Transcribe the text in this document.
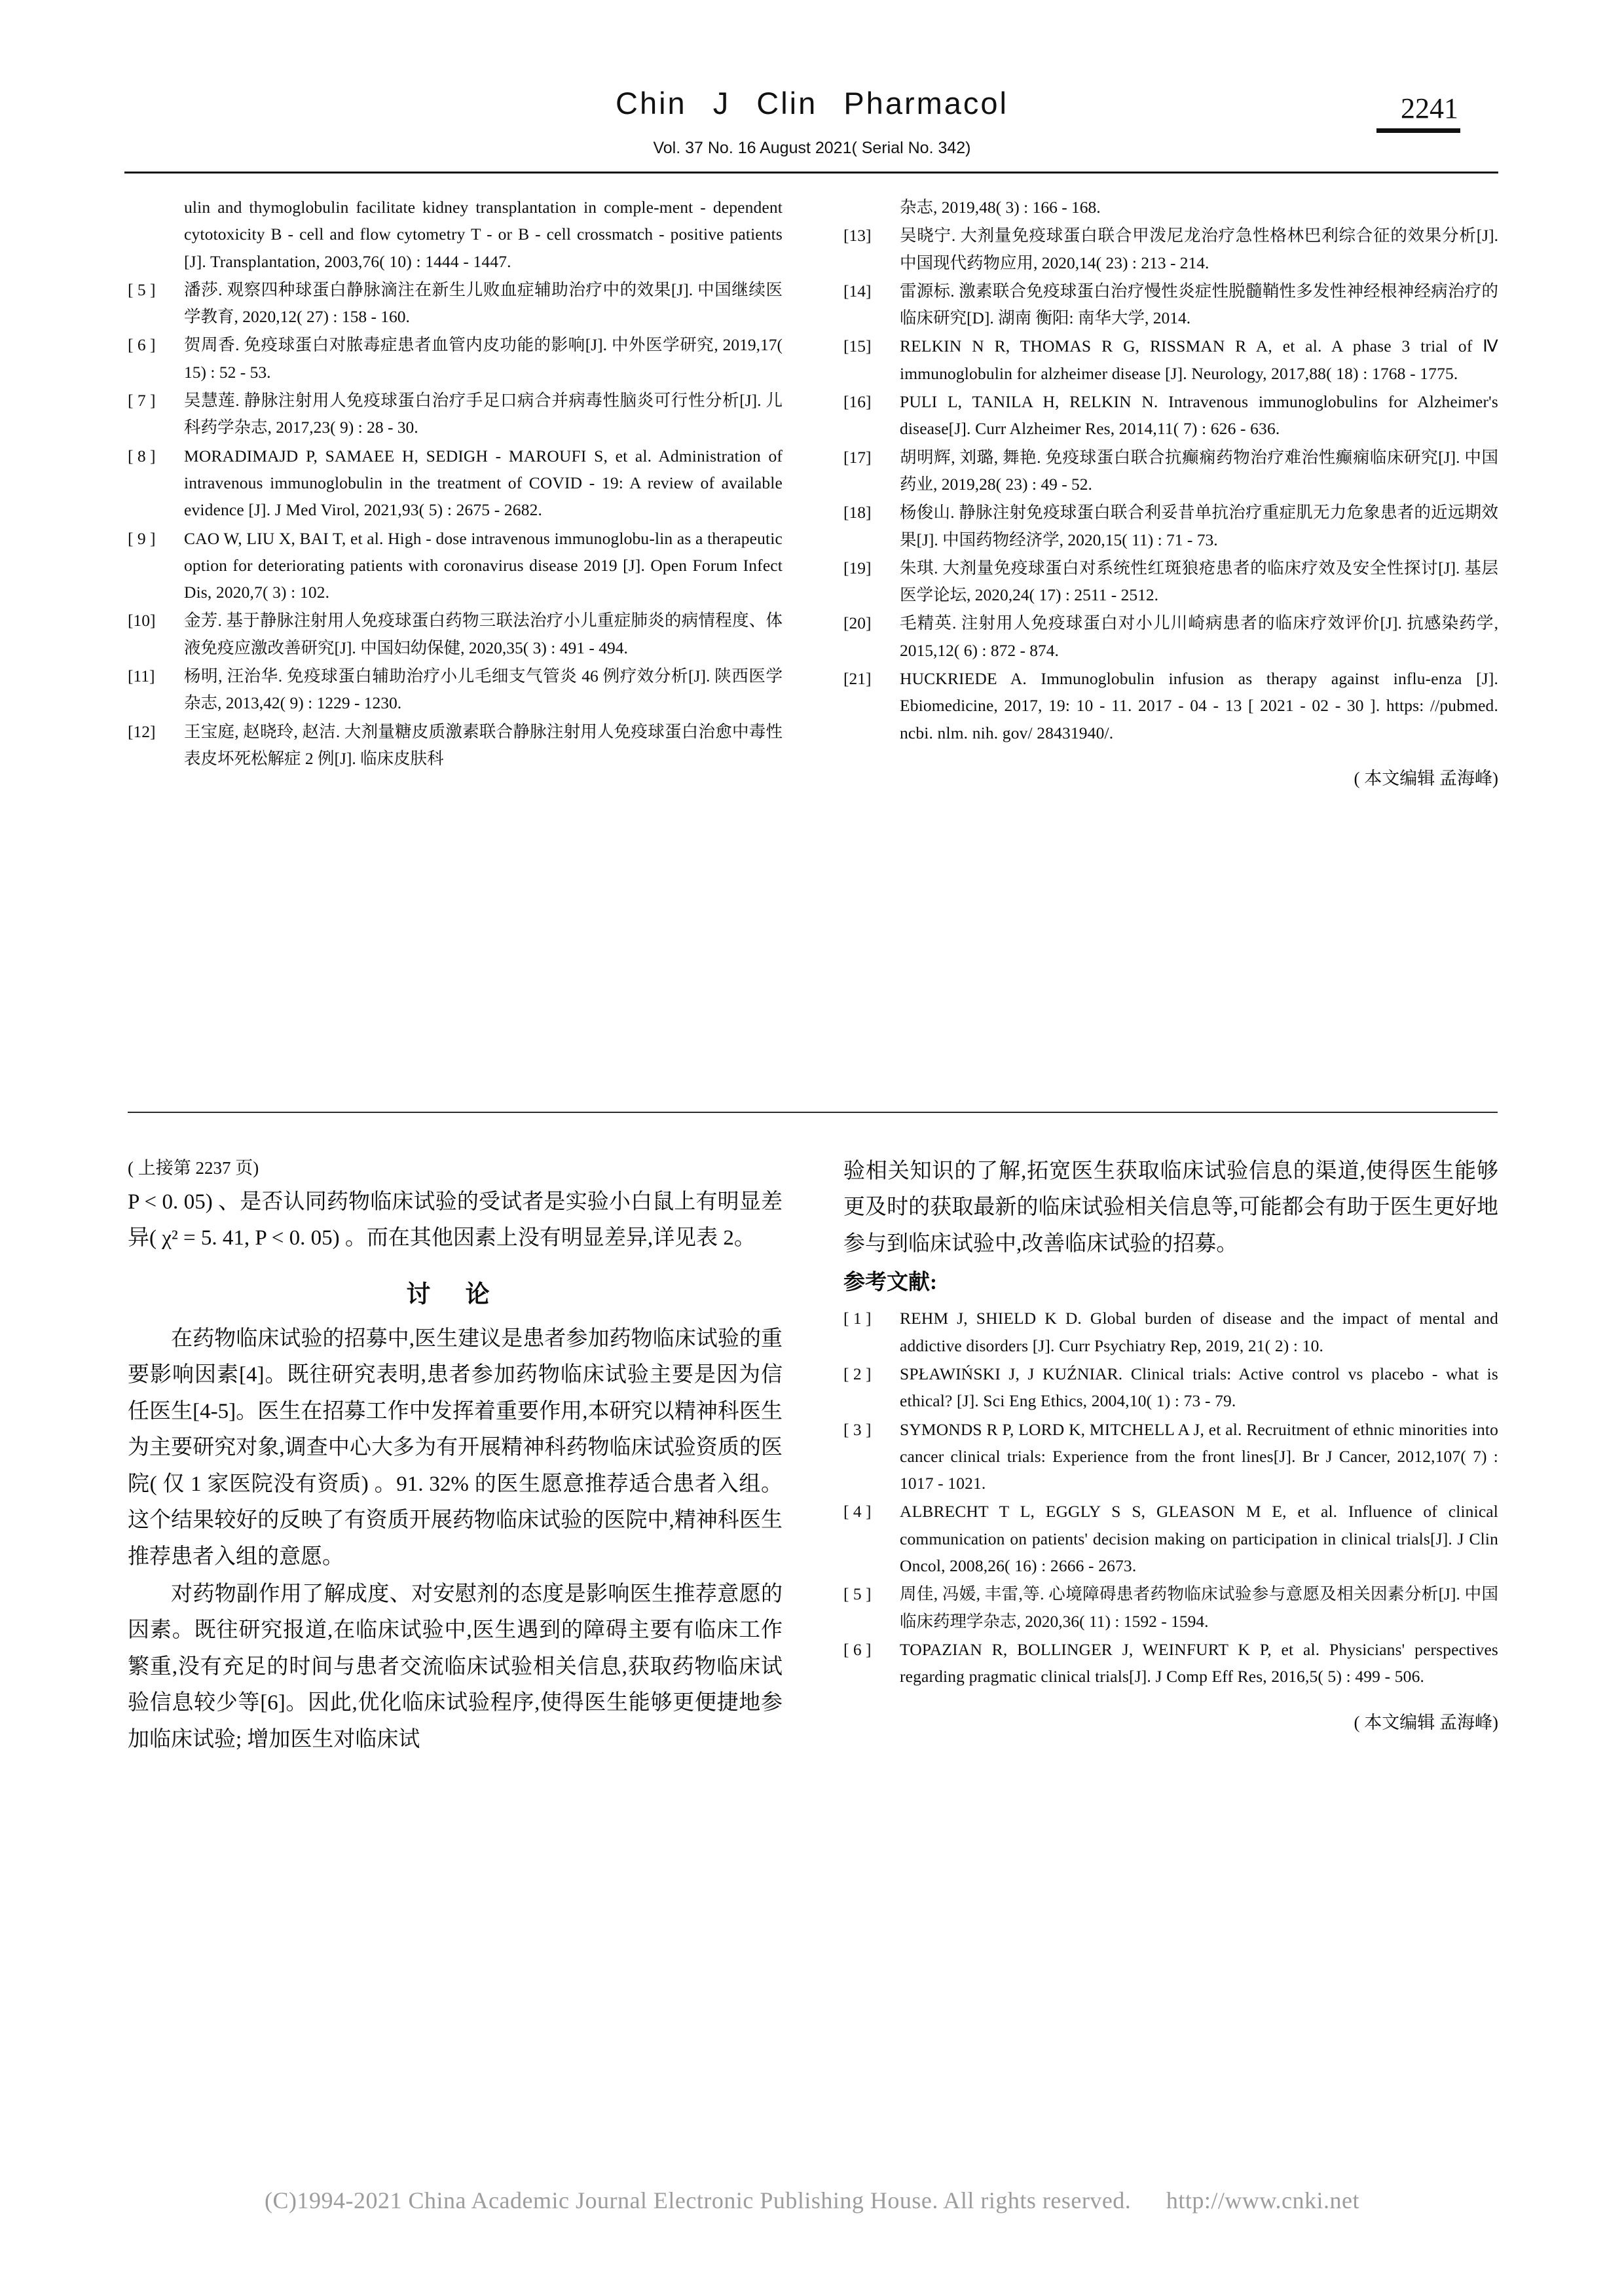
Chin J Clin Pharmacol	2241
Vol. 37 No. 16 August 2021( Serial No. 342)
ulin and thymoglobulin facilitate kidney transplantation in comple-ment - dependent cytotoxicity B - cell and flow cytometry T - or B - cell crossmatch - positive patients [J]. Transplantation, 2003,76( 10) : 1444 - 1447.
[ 5 ]	潘莎. 观察四种球蛋白静脉滴注在新生儿败血症辅助治疗中的效果[J]. 中国继续医学教育, 2020,12( 27) : 158 - 160.
[ 6 ]	贺周香. 免疫球蛋白对脓毒症患者血管内皮功能的影响[J]. 中外医学研究, 2019,17( 15) : 52 - 53.
[ 7 ]	吴慧莲. 静脉注射用人免疫球蛋白治疗手足口病合并病毒性脑炎可行性分析[J]. 儿科药学杂志, 2017,23( 9) : 28 - 30.
[ 8 ]	MORADIMAJD P, SAMAEE H, SEDIGH - MAROUFI S, et al. Administration of intravenous immunoglobulin in the treatment of COVID - 19: A review of available evidence [J]. J Med Virol, 2021,93( 5) : 2675 - 2682.
[ 9 ]	CAO W, LIU X, BAI T, et al. High - dose intravenous immunoglobu-lin as a therapeutic option for deteriorating patients with coronavirus disease 2019 [J]. Open Forum Infect Dis, 2020,7( 3) : 102.
[10]	金芳. 基于静脉注射用人免疫球蛋白药物三联法治疗小儿重症肺炎的病情程度、体液免疫应激改善研究[J]. 中国妇幼保健, 2020,35( 3) : 491 - 494.
[11]	杨明, 汪治华. 免疫球蛋白辅助治疗小儿毛细支气管炎 46 例疗效分析[J]. 陕西医学杂志, 2013,42( 9) : 1229 - 1230.
[12]	王宝庭, 赵晓玲, 赵洁. 大剂量糖皮质激素联合静脉注射用人免疫球蛋白治愈中毒性表皮坏死松解症 2 例[J]. 临床皮肤科
杂志, 2019,48( 3) : 166 - 168.
[13]	吴晓宁. 大剂量免疫球蛋白联合甲泼尼龙治疗急性格林巴利综合征的效果分析[J]. 中国现代药物应用, 2020,14( 23) : 213 - 214.
[14]	雷源标. 激素联合免疫球蛋白治疗慢性炎症性脱髓鞘性多发性神经根神经病治疗的临床研究[D]. 湖南 衡阳: 南华大学, 2014.
[15]	RELKIN N R, THOMAS R G, RISSMAN R A, et al. A phase 3 trial of Ⅳ immunoglobulin for alzheimer disease [J]. Neurology, 2017,88( 18) : 1768 - 1775.
[16]	PULI L, TANILA H, RELKIN N. Intravenous immunoglobulins for Alzheimer's disease[J]. Curr Alzheimer Res, 2014,11( 7) : 626 - 636.
[17]	胡明辉, 刘璐, 舞艳. 免疫球蛋白联合抗癫痫药物治疗难治性癫痫临床研究[J]. 中国药业, 2019,28( 23) : 49 - 52.
[18]	杨俊山. 静脉注射免疫球蛋白联合利妥昔单抗治疗重症肌无力危象患者的近远期效果[J]. 中国药物经济学, 2020,15( 11) : 71 - 73.
[19]	朱琪. 大剂量免疫球蛋白对系统性红斑狼疮患者的临床疗效及安全性探讨[J]. 基层医学论坛, 2020,24( 17) : 2511 - 2512.
[20]	毛精英. 注射用人免疫球蛋白对小儿川崎病患者的临床疗效评价[J]. 抗感染药学, 2015,12( 6) : 872 - 874.
[21]	HUCKRIEDE A. Immunoglobulin infusion as therapy against influ-enza [J]. Ebiomedicine, 2017, 19: 10 - 11. 2017 - 04 - 13 [ 2021 - 02 - 30 ]. https: //pubmed. ncbi. nlm. nih. gov/ 28431940/.
( 本文编辑 孟海峰)
( 上接第 2237 页)

P < 0. 05) 、是否认同药物临床试验的受试者是实验小白鼠上有明显差异( χ² = 5. 41, P < 0. 05) 。而在其他因素上没有明显差异,详见表 2。

讨 论

在药物临床试验的招募中,医生建议是患者参加药物临床试验的重要影响因素[4]。既往研究表明,患者参加药物临床试验主要是因为信任医生[4-5]。医生在招募工作中发挥着重要作用,本研究以精神科医生为主要研究对象,调查中心大多为有开展精神科药物临床试验资质的医院( 仅 1 家医院没有资质) 。91. 32% 的医生愿意推荐适合患者入组。这个结果较好的反映了有资质开展药物临床试验的医院中,精神科医生推荐患者入组的意愿。

对药物副作用了解成度、对安慰剂的态度是影响医生推荐意愿的因素。既往研究报道,在临床试验中,医生遇到的障碍主要有临床工作繁重,没有充足的时间与患者交流临床试验相关信息,获取药物临床试验信息较少等[6]。因此,优化临床试验程序,使得医生能够更便捷地参加临床试验; 增加医生对临床试

验相关知识的了解,拓宽医生获取临床试验信息的渠道,使得医生能够更及时的获取最新的临床试验相关信息等,可能都会有助于医生更好地参与到临床试验中,改善临床试验的招募。

参考文献:
[ 1 ]	REHM J, SHIELD K D. Global burden of disease and the impact of mental and addictive disorders [J]. Curr Psychiatry Rep, 2019, 21( 2) : 10.
[ 2 ]	SPŁAWIŃSKI J, J KUŹNIAR. Clinical trials: Active control vs placebo - what is ethical? [J]. Sci Eng Ethics, 2004,10( 1) : 73 - 79.
[ 3 ]	SYMONDS R P, LORD K, MITCHELL A J, et al. Recruitment of ethnic minorities into cancer clinical trials: Experience from the front lines[J]. Br J Cancer, 2012,107( 7) : 1017 - 1021.
[ 4 ]	ALBRECHT T L, EGGLY S S, GLEASON M E, et al. Influence of clinical communication on patients' decision making on participation in clinical trials[J]. J Clin Oncol, 2008,26( 16) : 2666 - 2673.
[ 5 ]	周佳, 冯媛, 丰雷,等. 心境障碍患者药物临床试验参与意愿及相关因素分析[J]. 中国临床药理学杂志, 2020,36( 11) : 1592 - 1594.
[ 6 ]	TOPAZIAN R, BOLLINGER J, WEINFURT K P, et al. Physicians' perspectives regarding pragmatic clinical trials[J]. J Comp Eff Res, 2016,5( 5) : 499 - 506.
( 本文编辑 孟海峰)
(C)1994-2021 China Academic Journal Electronic Publishing House. All rights reserved. http://www.cnki.net
